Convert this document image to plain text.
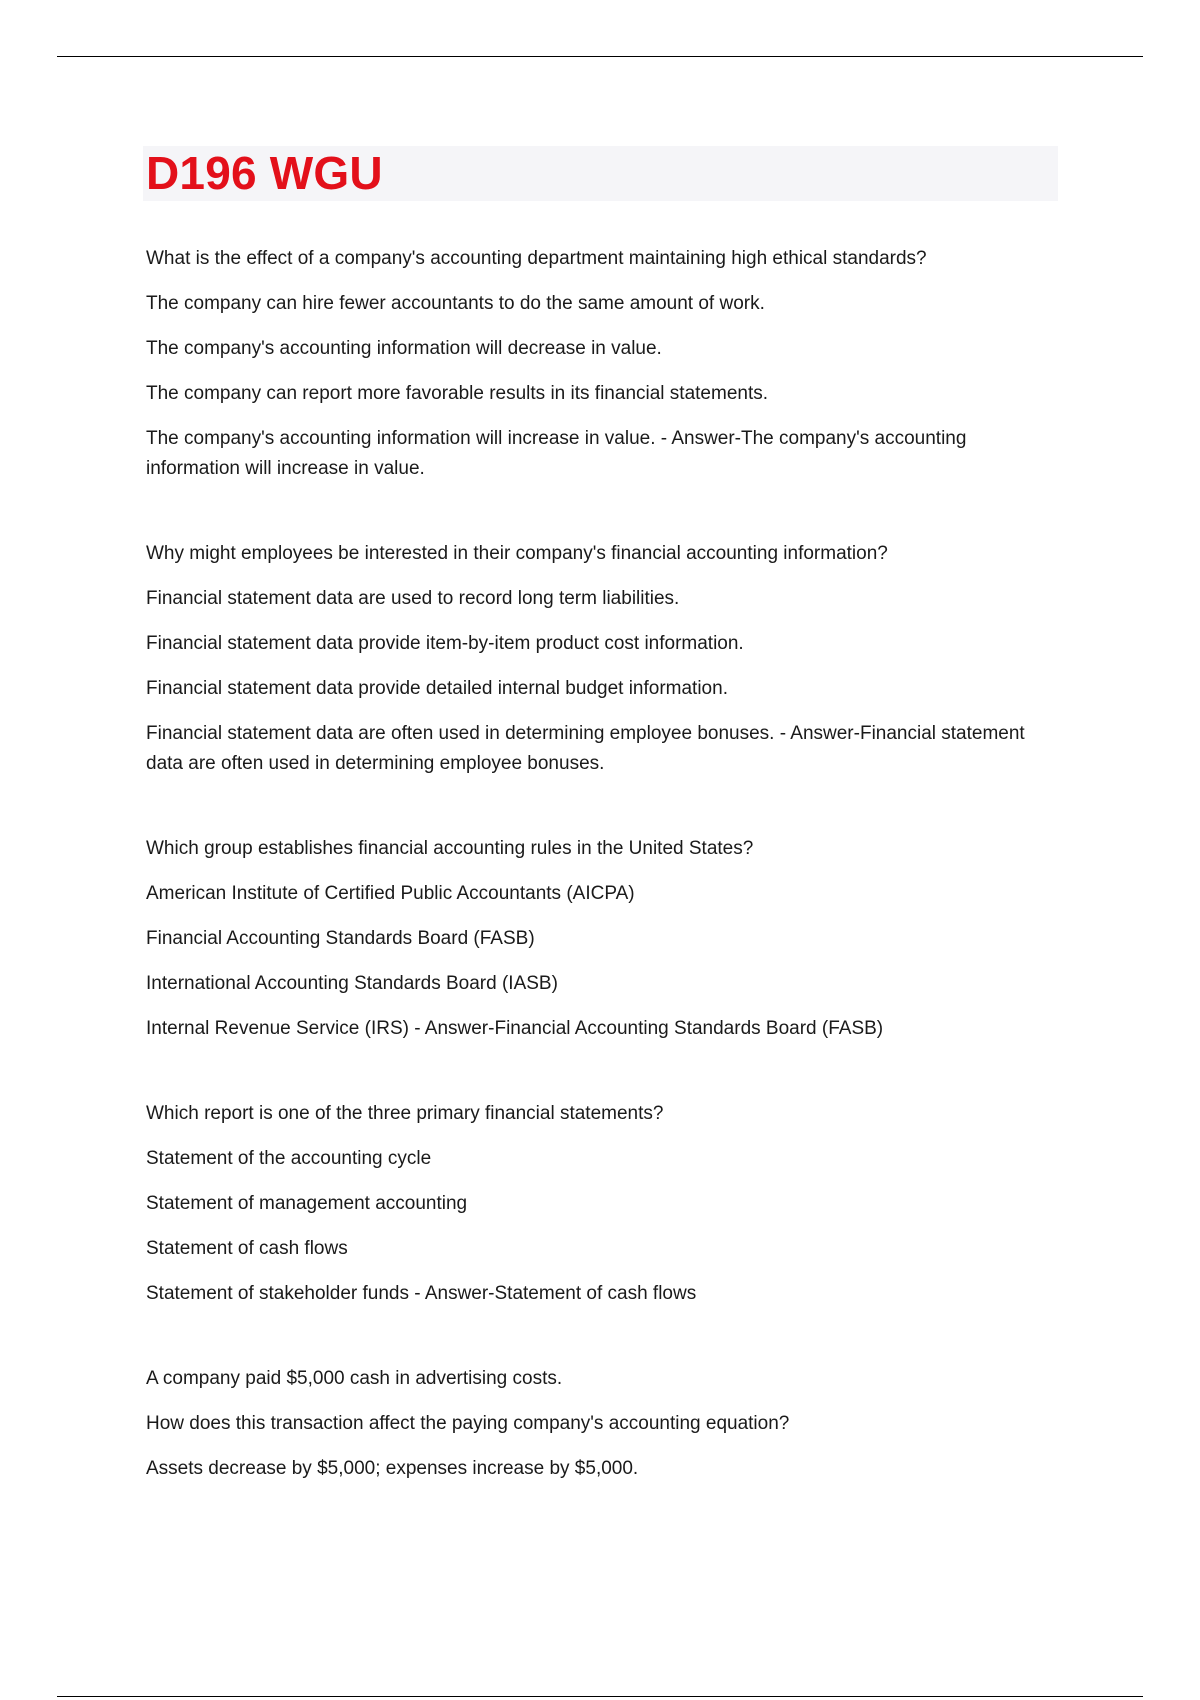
D196 WGU

What is the effect of a company's accounting department maintaining high ethical standards?

The company can hire fewer accountants to do the same amount of work.

The company's accounting information will decrease in value.

The company can report more favorable results in its financial statements.

The company's accounting information will increase in value. - Answer-The company's accounting information will increase in value.

Why might employees be interested in their company's financial accounting information?

Financial statement data are used to record long term liabilities.

Financial statement data provide item-by-item product cost information.

Financial statement data provide detailed internal budget information.

Financial statement data are often used in determining employee bonuses. - Answer-Financial statement data are often used in determining employee bonuses.

Which group establishes financial accounting rules in the United States?

American Institute of Certified Public Accountants (AICPA)

Financial Accounting Standards Board (FASB)

International Accounting Standards Board (IASB)

Internal Revenue Service (IRS) - Answer-Financial Accounting Standards Board (FASB)

Which report is one of the three primary financial statements?

Statement of the accounting cycle

Statement of management accounting

Statement of cash flows

Statement of stakeholder funds - Answer-Statement of cash flows

A company paid $5,000 cash in advertising costs.

How does this transaction affect the paying company's accounting equation?

Assets decrease by $5,000; expenses increase by $5,000.
